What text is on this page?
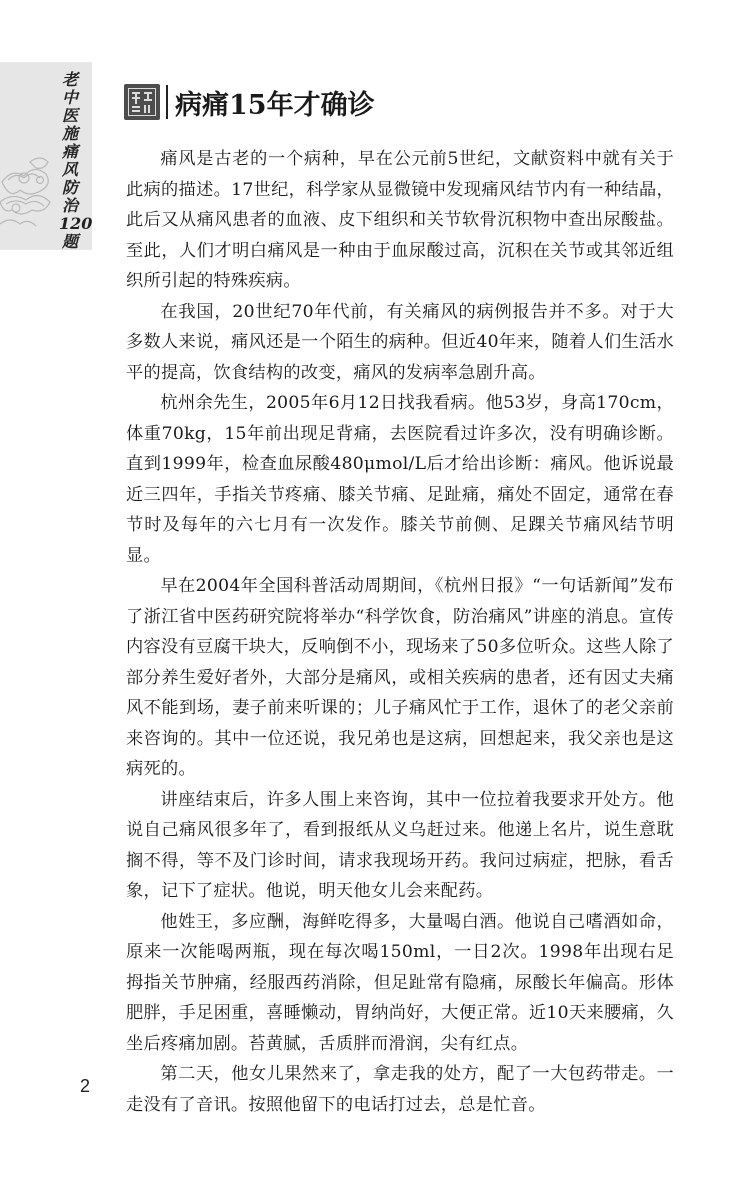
老中医施痛风防治120题
病痛15年才确诊

痛风是古老的一个病种，早在公元前5世纪，文献资料中就有关于此病的描述。17世纪，科学家从显微镜中发现痛风结节内有一种结晶，此后又从痛风患者的血液、皮下组织和关节软骨沉积物中查出尿酸盐。至此，人们才明白痛风是一种由于血尿酸过高，沉积在关节或其邻近组织所引起的特殊疾病。

在我国，20世纪70年代前，有关痛风的病例报告并不多。对于大多数人来说，痛风还是一个陌生的病种。但近40年来，随着人们生活水平的提高，饮食结构的改变，痛风的发病率急剧升高。

杭州余先生，2005年6月12日找我看病。他53岁，身高170cm，体重70kg，15年前出现足背痛，去医院看过许多次，没有明确诊断。直到1999年，检查血尿酸480μmol/L后才给出诊断：痛风。他诉说最近三四年，手指关节疼痛、膝关节痛、足趾痛，痛处不固定，通常在春节时及每年的六七月有一次发作。膝关节前侧、足踝关节痛风结节明显。

早在2004年全国科普活动周期间，《杭州日报》“一句话新闻”发布了浙江省中医药研究院将举办“科学饮食，防治痛风”讲座的消息。宣传内容没有豆腐干块大，反响倒不小，现场来了50多位听众。这些人除了部分养生爱好者外，大部分是痛风，或相关疾病的患者，还有因丈夫痛风不能到场，妻子前来听课的；儿子痛风忙于工作，退休了的老父亲前来咨询的。其中一位还说，我兄弟也是这病，回想起来，我父亲也是这病死的。

讲座结束后，许多人围上来咨询，其中一位拉着我要求开处方。他说自己痛风很多年了，看到报纸从义乌赶过来。他递上名片，说生意耽搁不得，等不及门诊时间，请求我现场开药。我问过病症，把脉，看舌象，记下了症状。他说，明天他女儿会来配药。

他姓王，多应酬，海鲜吃得多，大量喝白酒。他说自己嗜酒如命，原来一次能喝两瓶，现在每次喝150ml，一日2次。1998年出现右足拇指关节肿痛，经服西药消除，但足趾常有隐痛，尿酸长年偏高。形体肥胖，手足困重，喜睡懒动，胃纳尚好，大便正常。近10天来腰痛，久坐后疼痛加剧。苔黄腻，舌质胖而滑润，尖有红点。

第二天，他女儿果然来了，拿走我的处方，配了一大包药带走。一走没有了音讯。按照他留下的电话打过去，总是忙音。

2
